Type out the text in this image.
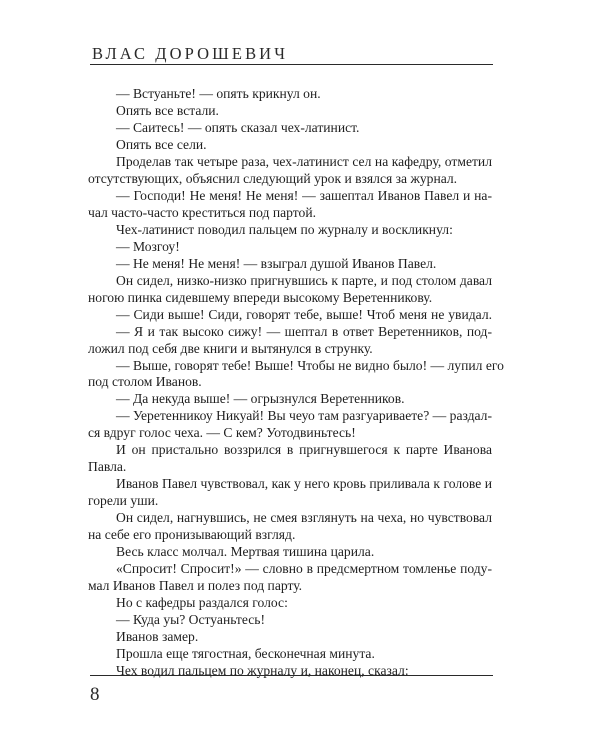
ВЛАС ДОРОШЕВИЧ
— Встуаньте! — опять крикнул он.
Опять все встали.
— Саитесь! — опять сказал чех-латинист.
Опять все сели.
Проделав так четыре раза, чех-латинист сел на кафедру, отметил
отсутствующих, объяснил следующий урок и взялся за журнал.
— Господи! Не меня! Не меня! — зашептал Иванов Павел и на-
чал часто-часто креститься под партой.
Чех-латинист поводил пальцем по журналу и воскликнул:
— Мозгоу!
— Не меня! Не меня! — взыграл душой Иванов Павел.
Он сидел, низко-низко пригнувшись к парте, и под столом давал
ногою пинка сидевшему впереди высокому Веретенникову.
— Сиди выше! Сиди, говорят тебе, выше! Чтоб меня не увидал.
— Я и так высоко сижу! — шептал в ответ Веретенников, под-
ложил под себя две книги и вытянулся в струнку.
— Выше, говорят тебе! Выше! Чтобы не видно было! — лупил его
под столом Иванов.
— Да некуда выше! — огрызнулся Веретенников.
— Уеретенникоу Никуай! Вы чеуо там разгуариваете? — раздал-
ся вдруг голос чеха. — С кем? Уотодвиньтесь!
И он пристально воззрился в пригнувшегося к парте Иванова
Павла.
Иванов Павел чувствовал, как у него кровь приливала к голове и
горели уши.
Он сидел, нагнувшись, не смея взглянуть на чеха, но чувствовал
на себе его пронизывающий взгляд.
Весь класс молчал. Мертвая тишина царила.
«Спросит! Спросит!» — словно в предсмертном томленье поду-
мал Иванов Павел и полез под парту.
Но с кафедры раздался голос:
— Куда уы? Остуаньтесь!
Иванов замер.
Прошла еще тягостная, бесконечная минута.
Чех водил пальцем по журналу и, наконец, сказал:
8
